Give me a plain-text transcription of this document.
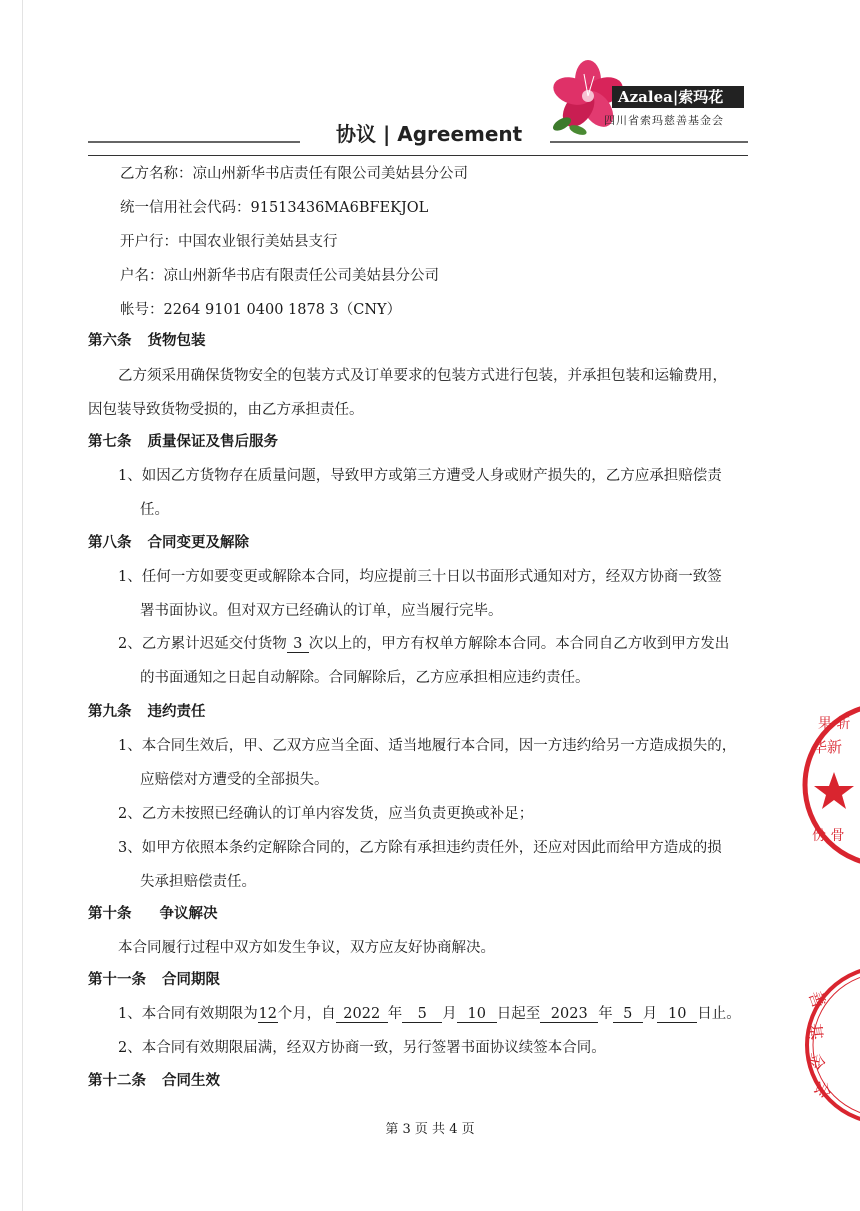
Azalea|索玛花
四川省索玛慈善基金会
协议 | Agreement
乙方名称：凉山州新华书店责任有限公司美姑县分公司
统一信用社会代码：91513436MA6BFEKJOL
开户行：中国农业银行美姑县支行
户名：凉山州新华书店有限责任公司美姑县分公司
帐号：2264 9101 0400 1878 3（CNY）
第六条 货物包装
乙方须采用确保货物安全的包装方式及订单要求的包装方式进行包装，并承担包装和运输费用，
因包装导致货物受损的，由乙方承担责任。
第七条 质量保证及售后服务
1、如因乙方货物存在质量问题，导致甲方或第三方遭受人身或财产损失的，乙方应承担赔偿责
任。
第八条 合同变更及解除
1、任何一方如要变更或解除本合同，均应提前三十日以书面形式通知对方，经双方协商一致签
署书面协议。但对双方已经确认的订单，应当履行完毕。
2、乙方累计迟延交付货物 3 次以上的，甲方有权单方解除本合同。本合同自乙方收到甲方发出
的书面通知之日起自动解除。合同解除后，乙方应承担相应违约责任。
第九条 违约责任
1、本合同生效后，甲、乙双方应当全面、适当地履行本合同，因一方违约给另一方造成损失的，
应赔偿对方遭受的全部损失。
2、乙方未按照已经确认的订单内容发货，应当负责更换或补足；
3、如甲方依照本条约定解除合同的，乙方除有承担违约责任外，还应对因此而给甲方造成的损
失承担赔偿责任。
第十条 争议解决
本合同履行过程中双方如发生争议，双方应友好协商解决。
第十一条 合同期限
1、本合同有效期限为12个月，自 2022 年 5 月 10 日起至 2023 年 5 月 10 日止。
2、本合同有效期限届满，经双方协商一致，另行签署书面协议续签本合同。
第十二条 合同生效
第 3 页 共 4 页
果 斩
华新
份 骨
善
基
金
会
